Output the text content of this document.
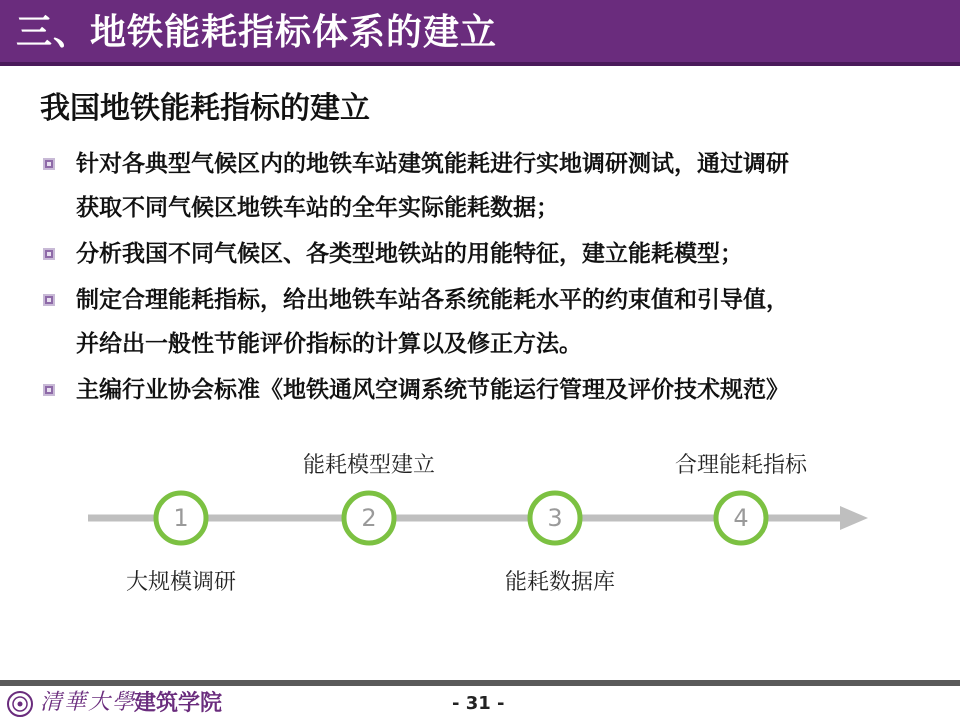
三、地铁能耗指标体系的建立
我国地铁能耗指标的建立
针对各典型气候区内的地铁车站建筑能耗进行实地调研测试，通过调研
获取不同气候区地铁车站的全年实际能耗数据；
分析我国不同气候区、各类型地铁站的用能特征，建立能耗模型；
制定合理能耗指标，给出地铁车站各系统能耗水平的约束值和引导值，
并给出一般性节能评价指标的计算以及修正方法。
主编行业协会标准《地铁通风空调系统节能运行管理及评价技术规范》
1	2	3	4
大规模调研
能耗模型建立
能耗数据库
合理能耗指标
清華大學
建筑学院	- 31 -
